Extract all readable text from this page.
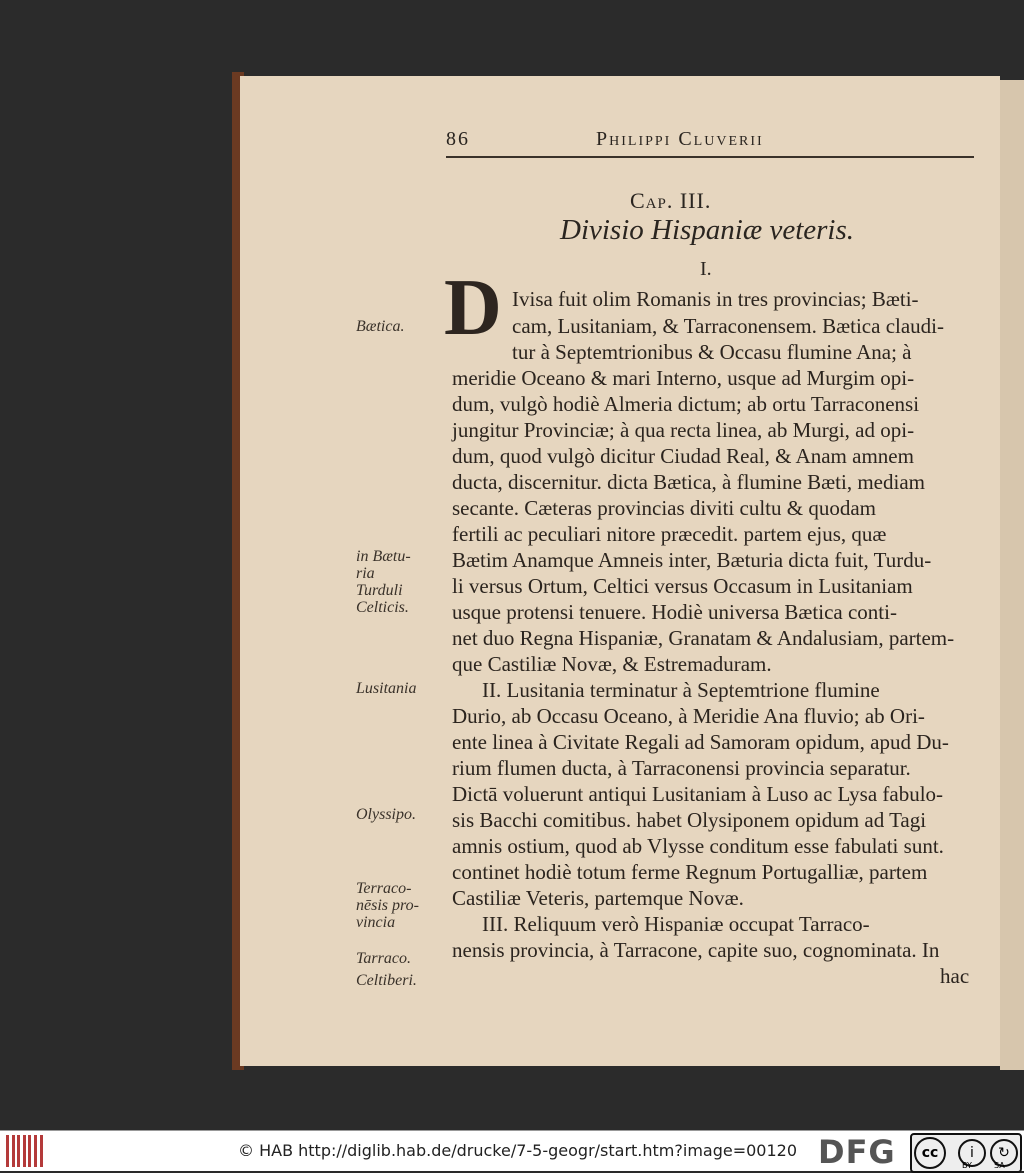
86	Philippi Cluverii
Cap. III.
Divisio Hispaniæ veteris.
I.
D Ivisa fuit olim Romanis in tres provincias; Bæti-
cam, Lusitaniam, & Tarraconensem. Bætica claudi-
tur à Septemtrionibus & Occasu flumine Ana; à
meridie Oceano & mari Interno, usque ad Murgim opi-
dum, vulgò hodiè Almeria dictum; ab ortu Tarraconensi
jungitur Provinciæ; à qua recta linea, ab Murgi, ad opi-
dum, quod vulgò dicitur Ciudad Real, & Anam amnem
ducta, discernitur. dicta Bætica, à flumine Bæti, mediam
secante. Cæteras provincias diviti cultu & quodam
fertili ac peculiari nitore præcedit. partem ejus, quæ
Bætim Anamque Amneis inter, Bæturia dicta fuit, Turdu-
li versus Ortum, Celtici versus Occasum in Lusitaniam
usque protensi tenuere. Hodiè universa Bætica conti-
net duo Regna Hispaniæ, Granatam & Andalusiam, partem-
que Castiliæ Novæ, & Estremaduram.
II. Lusitania terminatur à Septemtrione flumine
Durio, ab Occasu Oceano, à Meridie Ana fluvio; ab Ori-
ente linea à Civitate Regali ad Samoram opidum, apud Du-
rium flumen ducta, à Tarraconensi provincia separatur.
Dictā voluerunt antiqui Lusitaniam à Luso ac Lysa fabulo-
sis Bacchi comitibus. habet Olysiponem opidum ad Tagi
amnis ostium, quod ab Vlysse conditum esse fabulati sunt.
continet hodiè totum ferme Regnum Portugalliæ, partem
Castiliæ Veteris, partemque Novæ.
III. Reliquum verò Hispaniæ occupat Tarraco-
nensis provincia, à Tarracone, capite suo, cognominata. In
hac
Bætica.
in Bætu-
ria
Turduli
Celticis.
Lusitania
Olyssipo.
Terraco-
nēsis pro-
vincia
Tarraco.
Celtiberi.
© HAB http://diglib.hab.de/drucke/7-5-geogr/start.htm?image=00120 DFG	cc	i	↻
BY	SA
